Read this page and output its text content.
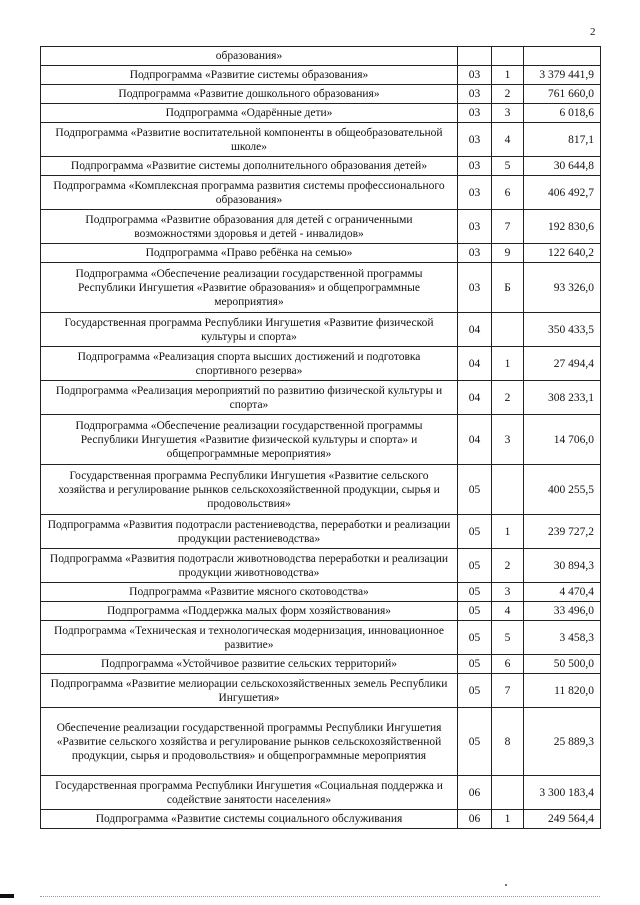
2
образования»			
Подпрограмма «Развитие системы образования»	03	1	3 379 441,9
Подпрограмма «Развитие дошкольного образования»	03	2	761 660,0
Подпрограмма «Одарённые дети»	03	3	6 018,6
Подпрограмма «Развитие воспитательной компоненты в общеобразовательной школе»	03	4	817,1
Подпрограмма «Развитие системы дополнительного образования детей»	03	5	30 644,8
Подпрограмма «Комплексная программа развития системы профессионального образования»	03	6	406 492,7
Подпрограмма «Развитие образования для детей с ограниченными возможностями здоровья и детей - инвалидов»	03	7	192 830,6
Подпрограмма «Право ребёнка на семью»	03	9	122 640,2
Подпрограмма «Обеспечение реализации государственной программы Республики Ингушетия «Развитие образования» и общепрограммные мероприятия»	03	Б	93 326,0
Государственная программа Республики Ингушетия «Развитие физической культуры и спорта»	04		350 433,5
Подпрограмма «Реализация спорта высших достижений и подготовка спортивного резерва»	04	1	27 494,4
Подпрограмма «Реализация мероприятий по развитию физической культуры и спорта»	04	2	308 233,1
Подпрограмма «Обеспечение реализации государственной программы Республики Ингушетия «Развитие физической культуры и спорта» и общепрограммные мероприятия»	04	3	14 706,0
Государственная программа Республики Ингушетия «Развитие сельского хозяйства и регулирование рынков сельскохозяйственной продукции, сырья и продовольствия»	05		400 255,5
Подпрограмма «Развития подотрасли растениеводства, переработки и реализации продукции растениеводства»	05	1	239 727,2
Подпрограмма «Развития подотрасли животноводства переработки и реализации продукции животноводства»	05	2	30 894,3
Подпрограмма «Развитие мясного скотоводства»	05	3	4 470,4
Подпрограмма «Поддержка малых форм хозяйствования»	05	4	33 496,0
Подпрограмма «Техническая и технологическая модернизация, инновационное развитие»	05	5	3 458,3
Подпрограмма «Устойчивое развитие сельских территорий»	05	6	50 500,0
Подпрограмма «Развитие мелиорации сельскохозяйственных земель Республики Ингушетия»	05	7	11 820,0
Обеспечение реализации государственной программы Республики Ингушетия «Развитие сельского хозяйства и регулирование рынков сельскохозяйственной продукции, сырья и продовольствия» и общепрограммные мероприятия	05	8	25 889,3
Государственная программа Республики Ингушетия «Социальная поддержка и содействие занятости населения»	06		3 300 183,4
Подпрограмма «Развитие системы социального обслуживания	06	1	249 564,4
